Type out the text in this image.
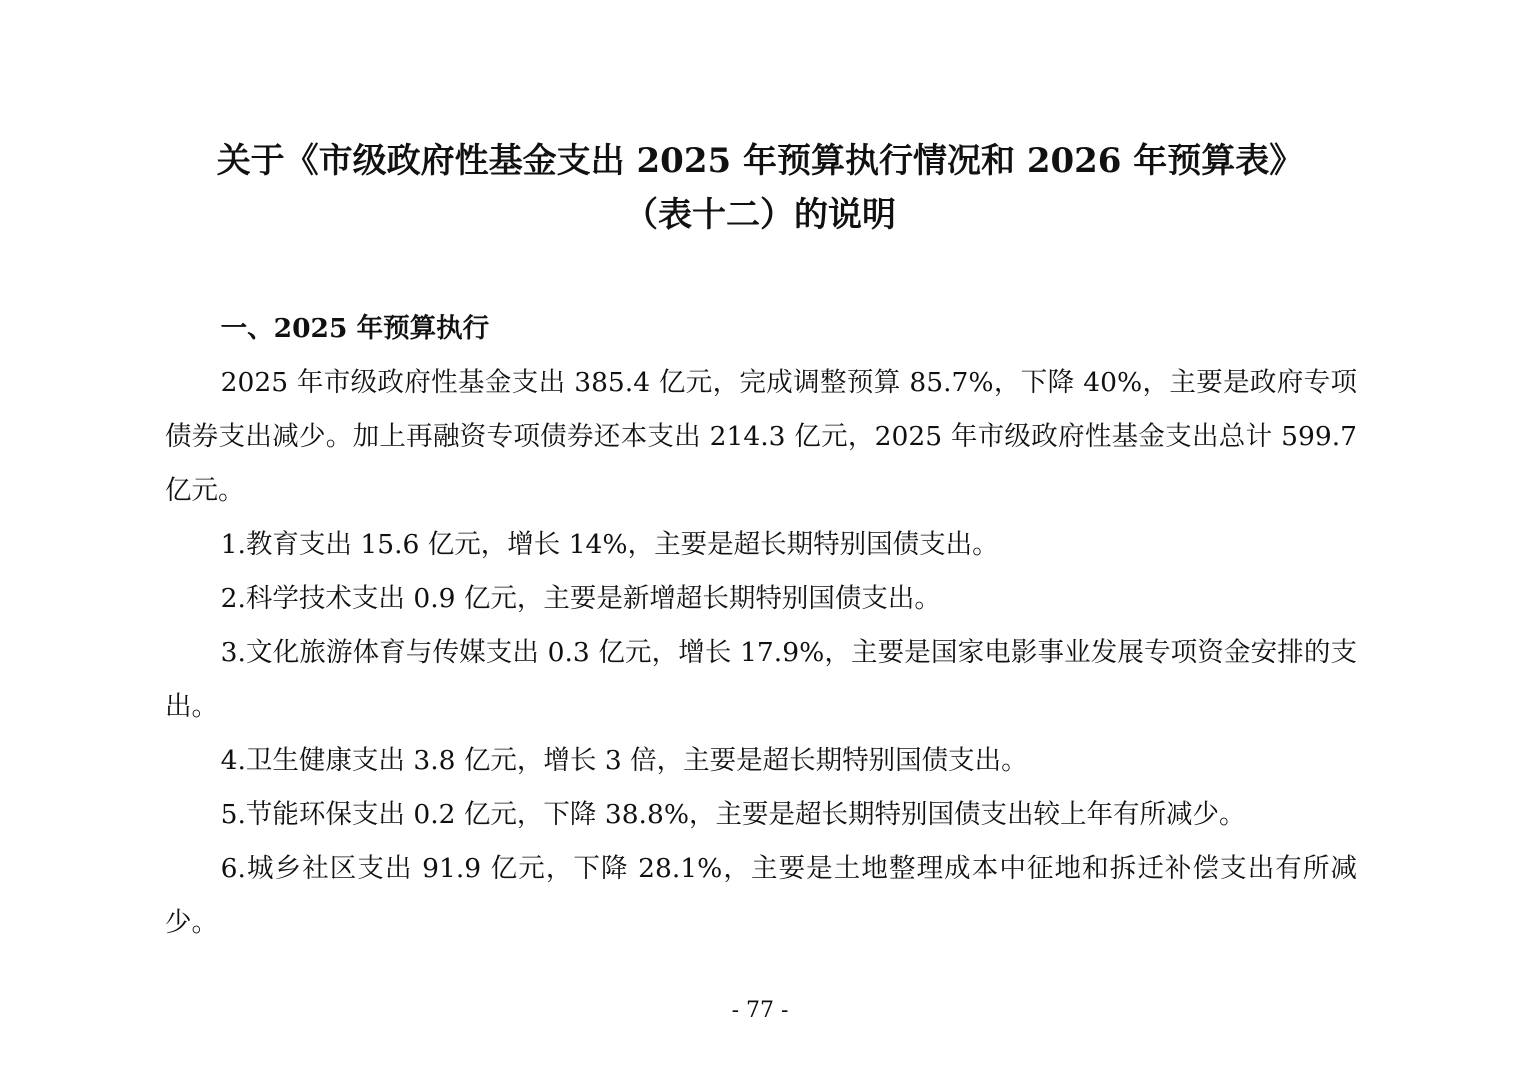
关于《市级政府性基金支出 2025 年预算执行情况和 2026 年预算表》
（表十二）的说明

一、2025 年预算执行

2025 年市级政府性基金支出 385.4 亿元，完成调整预算 85.7%，下降 40%，主要是政府专项债券支出减少。加上再融资专项债券还本支出 214.3 亿元，2025 年市级政府性基金支出总计 599.7 亿元。

1.教育支出 15.6 亿元，增长 14%，主要是超长期特别国债支出。

2.科学技术支出 0.9 亿元，主要是新增超长期特别国债支出。

3.文化旅游体育与传媒支出 0.3 亿元，增长 17.9%，主要是国家电影事业发展专项资金安排的支出。

4.卫生健康支出 3.8 亿元，增长 3 倍，主要是超长期特别国债支出。

5.节能环保支出 0.2 亿元，下降 38.8%，主要是超长期特别国债支出较上年有所减少。

6.城乡社区支出 91.9 亿元，下降 28.1%，主要是土地整理成本中征地和拆迁补偿支出有所减少。

- 77 -
